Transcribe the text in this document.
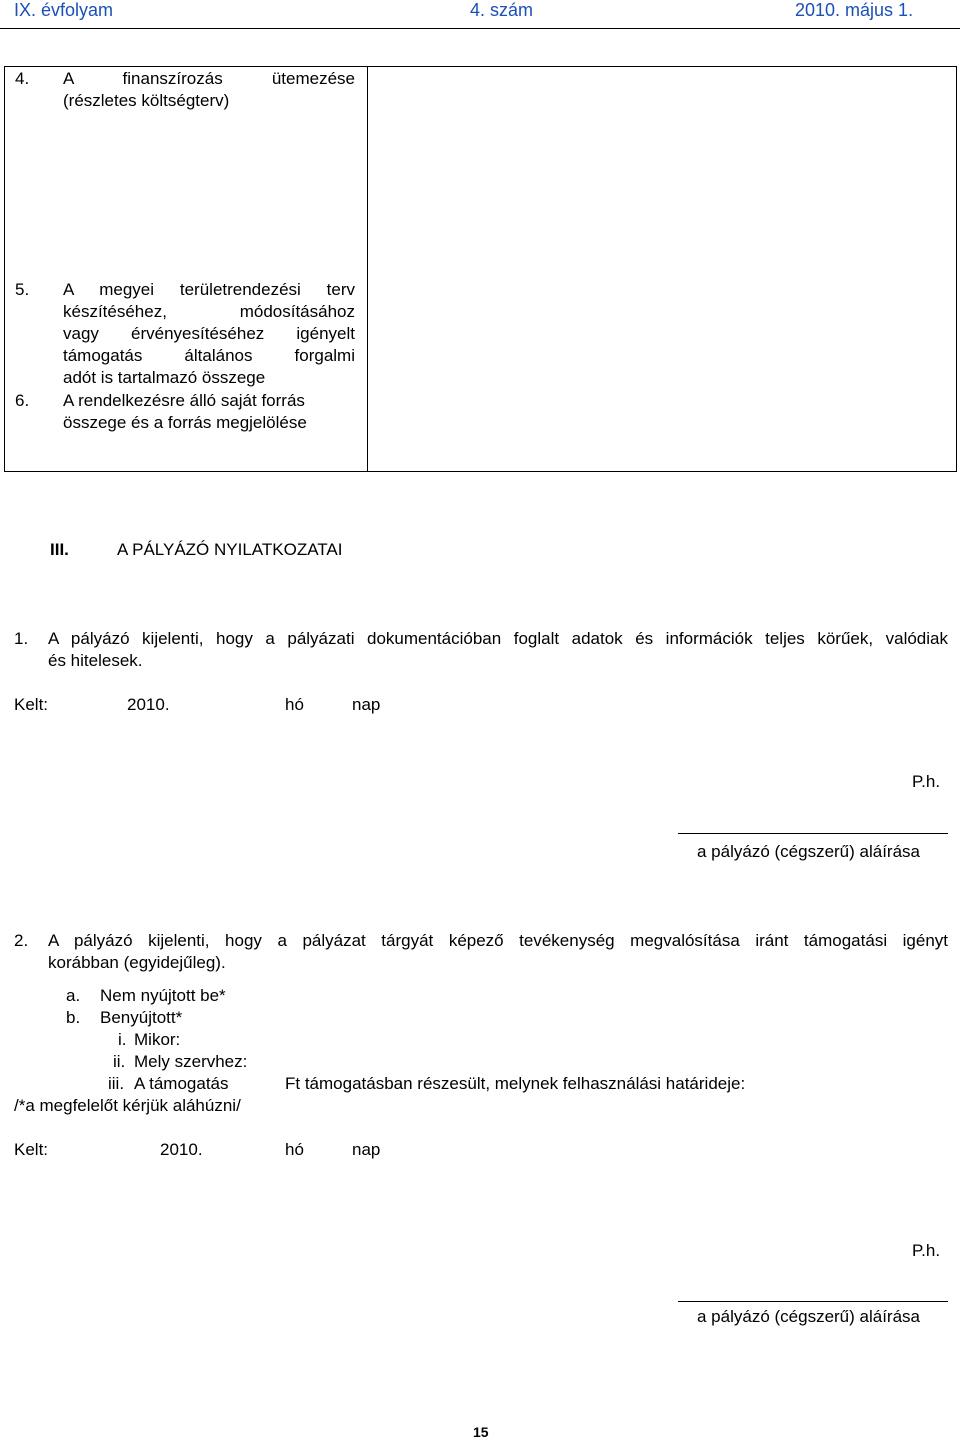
IX. évfolyam	4. szám	2010. május 1.
4. A finanszírozás ütemezése
(részletes költségterv)
5. A megyei területrendezési terv
készítéséhez, módosításához
vagy érvényesítéséhez igényelt
támogatás általános forgalmi
adót is tartalmazó összege
6. A rendelkezésre álló saját forrás
összege és a forrás megjelölése
III.	A PÁLYÁZÓ NYILATKOZATAI
1. A pályázó kijelenti, hogy a pályázati dokumentációban foglalt adatok és információk teljes körűek, valódiak
és hitelesek.
Kelt:	2010.	hó	nap
P.h.
a pályázó (cégszerű) aláírása
2. A pályázó kijelenti, hogy a pályázat tárgyát képező tevékenység megvalósítása iránt támogatási igényt
korábban (egyidejűleg).
a. Nem nyújtott be*
b. Benyújtott*
i. Mikor:
ii. Mely szervhez:
iii. A támogatás	Ft támogatásban részesült, melynek felhasználási határideje:
/*a megfelelőt kérjük aláhúzni/
Kelt:	2010.	hó	nap
P.h.
a pályázó (cégszerű) aláírása
15
